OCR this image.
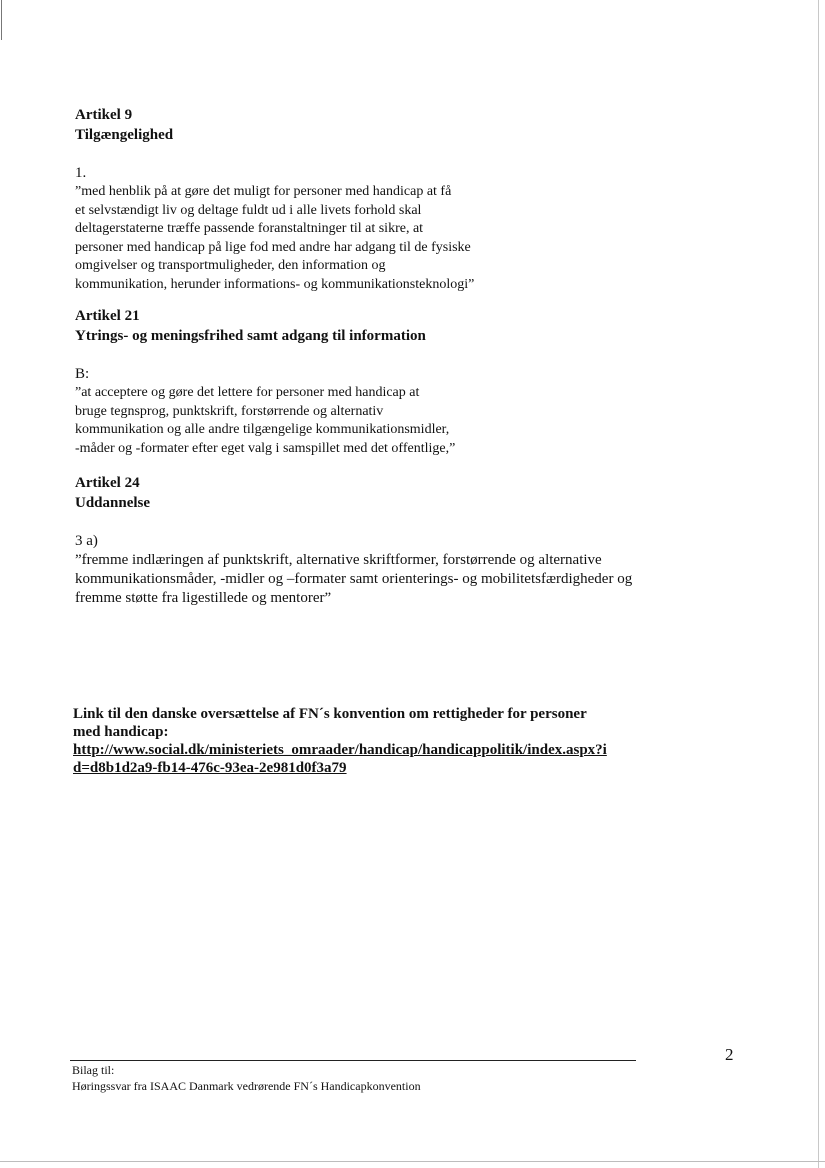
Artikel 9

Tilgængelighed

1.

”med henblik på at gøre det muligt for personer med handicap at få

et selvstændigt liv og deltage fuldt ud i alle livets forhold skal

deltagerstaterne træffe passende foranstaltninger til at sikre, at

personer med handicap på lige fod med andre har adgang til de fysiske

omgivelser og transportmuligheder, den information og

kommunikation, herunder informations- og kommunikationsteknologi”

Artikel 21

Ytrings- og meningsfrihed samt adgang til information

B:

”at acceptere og gøre det lettere for personer med handicap at

bruge tegnsprog, punktskrift, forstørrende og alternativ

kommunikation og alle andre tilgængelige kommunikationsmidler,

-måder og -formater efter eget valg i samspillet med det offentlige,”

Artikel 24

Uddannelse

3 a)

”fremme indlæringen af punktskrift, alternative skriftformer, forstørrende og alternative

kommunikationsmåder, -midler og –formater samt orienterings- og mobilitetsfærdigheder og

fremme støtte fra ligestillede og mentorer”

Link til den danske oversættelse af FN´s konvention om rettigheder for personer
med handicap:
http://www.social.dk/ministeriets_omraader/handicap/handicappolitik/index.aspx?i
d=d8b1d2a9-fb14-476c-93ea-2e981d0f3a79
2
Bilag til:
Høringssvar fra ISAAC Danmark vedrørende FN´s Handicapkonvention
